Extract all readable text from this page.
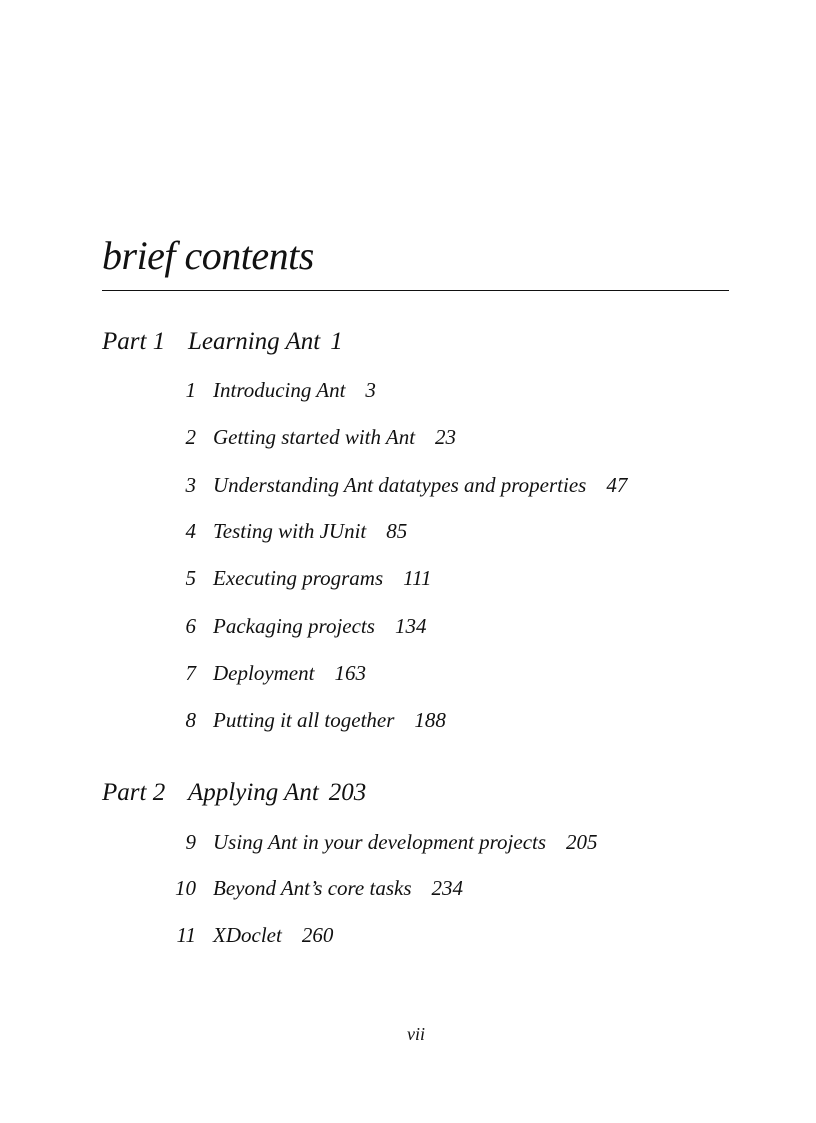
brief contents
Part 1 Learning Ant 1
1 Introducing Ant 3
2 Getting started with Ant 23
3 Understanding Ant datatypes and properties 47
4 Testing with JUnit 85
5 Executing programs 111
6 Packaging projects 134
7 Deployment 163
8 Putting it all together 188
Part 2 Applying Ant 203
9 Using Ant in your development projects 205
10 Beyond Ant’s core tasks 234
11 XDoclet 260
vii
